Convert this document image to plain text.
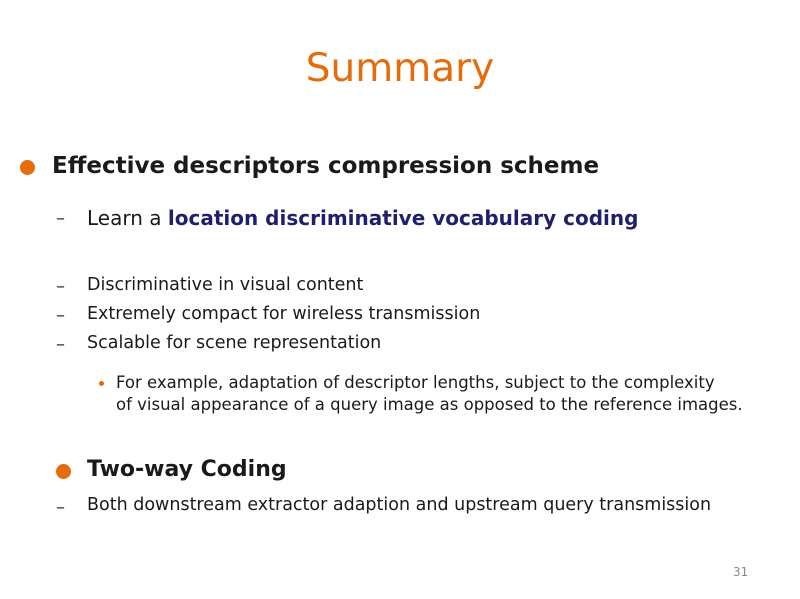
Summary
Effective descriptors compression scheme
– Learn a location discriminative vocabulary coding
– Discriminative in visual content
– Extremely compact for wireless transmission
– Scalable for scene representation
For example, adaptation of descriptor lengths, subject to the complexity
of visual appearance of a query image as opposed to the reference images.
Two-way Coding
– Both downstream extractor adaption and upstream query transmission
31
